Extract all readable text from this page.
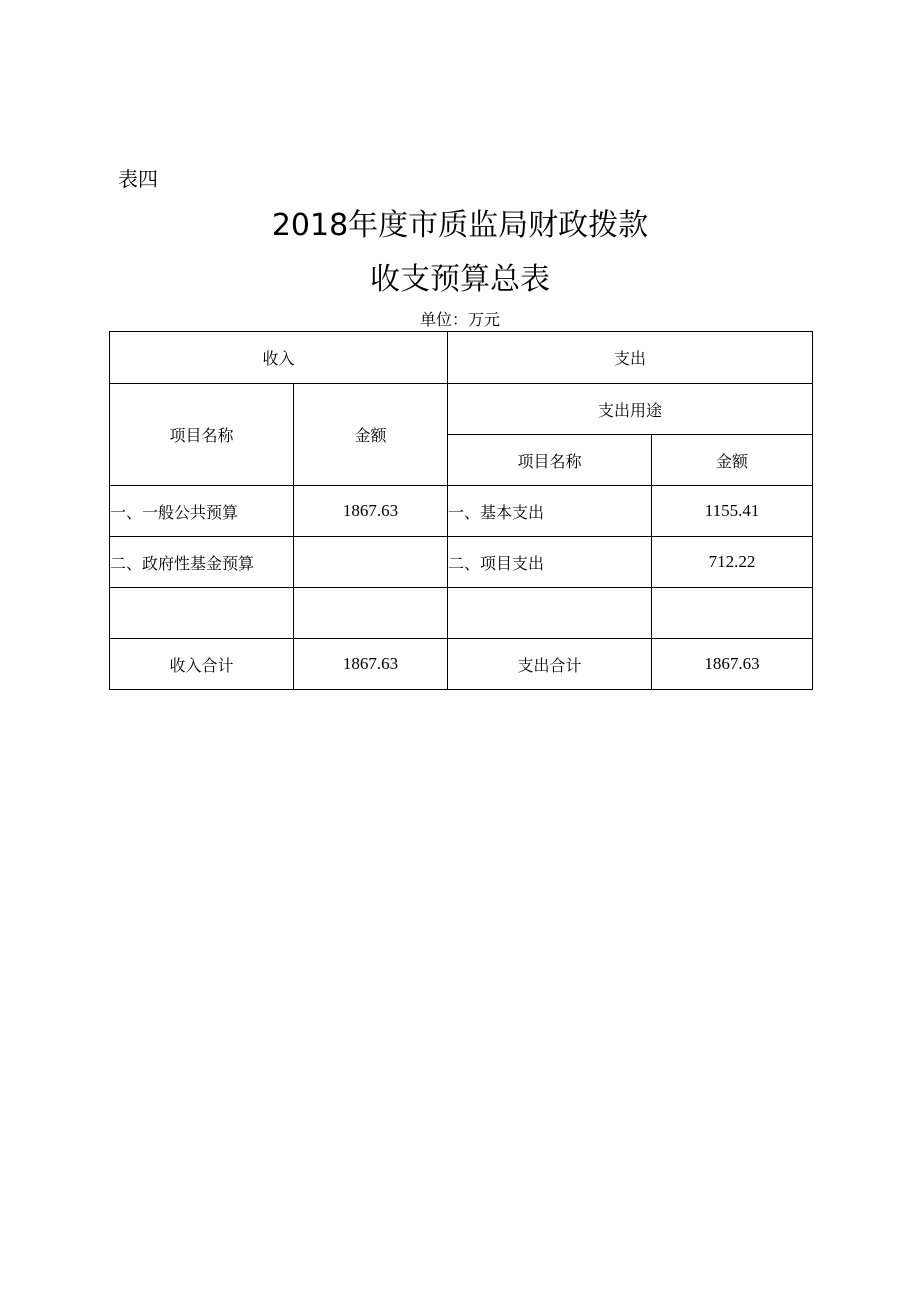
表四
2018年度市质监局财政拨款
收支预算总表
单位：万元
收入		支出	
项目名称	金额	支出用途	
		项目名称	金额
一、一般公共预算	1867.63	一、基本支出	1155.41
二、政府性基金预算		二、项目支出	712.22

收入合计	1867.63	支出合计	1867.63
